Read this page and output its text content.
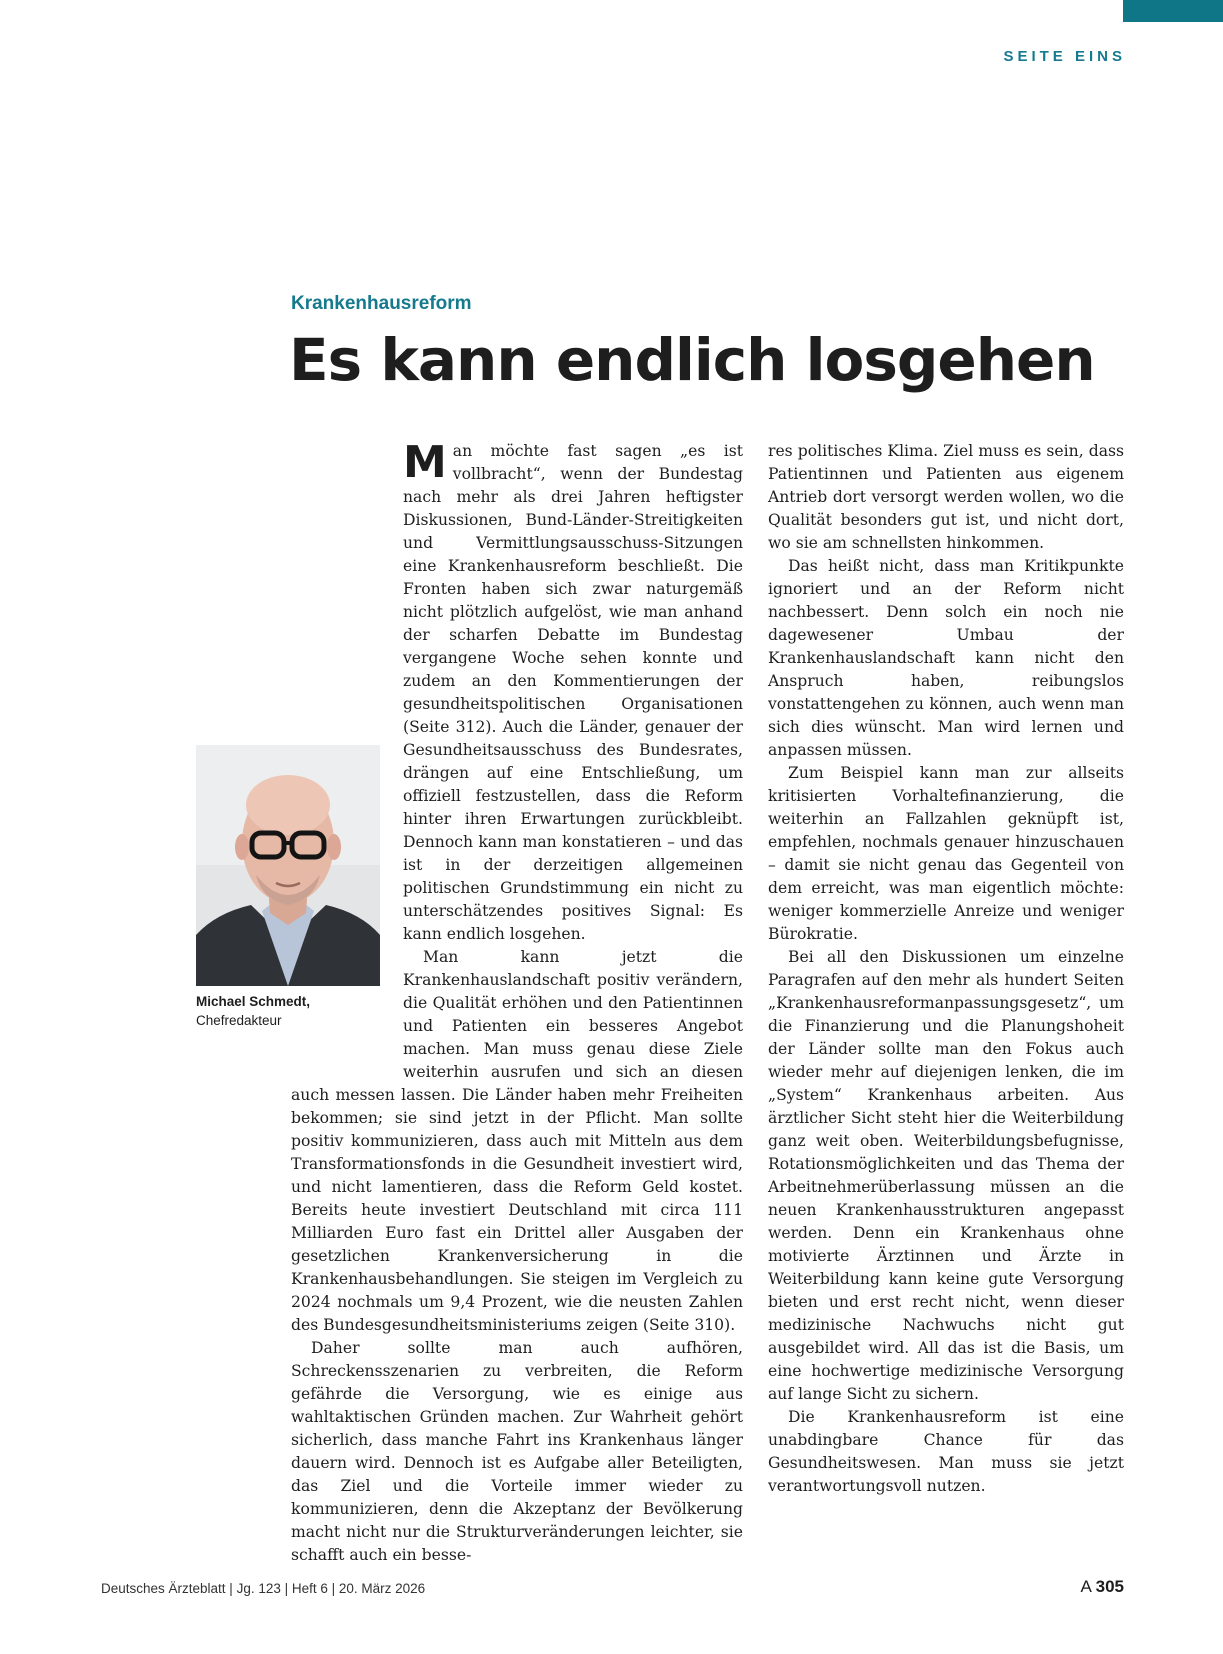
SEITE EINS
Krankenhausreform
Es kann endlich losgehen
Michael Schmedt,
Chefredakteur

Man möchte fast sagen „es ist vollbracht“, wenn der Bundestag nach mehr als drei Jahren heftigster Diskussionen, Bund-Länder-Streitigkeiten und Vermittlungsausschuss-Sitzungen eine Krankenhausreform beschließt. Die Fronten haben sich zwar naturgemäß nicht plötzlich aufgelöst, wie man anhand der scharfen Debatte im Bundestag vergangene Woche sehen konnte und zudem an den Kommentierungen der gesundheitspolitischen Organisationen (Seite 312). Auch die Länder, genauer der Gesundheitsausschuss des Bundesrates, drängen auf eine Entschließung, um offiziell festzustellen, dass die Reform hinter ihren Erwartungen zurückbleibt. Dennoch kann man konstatieren – und das ist in der derzeitigen allgemeinen politischen Grundstimmung ein nicht zu unterschätzendes positives Signal: Es kann endlich losgehen.

Man kann jetzt die Krankenhauslandschaft positiv verändern, die Qualität erhöhen und den Patientinnen und Patienten ein besseres Angebot machen. Man muss genau diese Ziele weiterhin ausrufen und sich an diesen auch messen lassen. Die Länder haben mehr Freiheiten bekommen; sie sind jetzt in der Pflicht. Man sollte positiv kommunizieren, dass auch mit Mitteln aus dem Transformationsfonds in die Gesundheit investiert wird, und nicht lamentieren, dass die Reform Geld kostet. Bereits heute investiert Deutschland mit circa 111 Milliarden Euro fast ein Drittel aller Ausgaben der gesetzlichen Krankenversicherung in die Krankenhausbehandlungen. Sie steigen im Vergleich zu 2024 nochmals um 9,4 Prozent, wie die neusten Zahlen des Bundesgesundheitsministeriums zeigen (Seite 310).

Daher sollte man auch aufhören, Schreckensszenarien zu verbreiten, die Reform gefährde die Versorgung, wie es einige aus wahltaktischen Gründen machen. Zur Wahrheit gehört sicherlich, dass manche Fahrt ins Krankenhaus länger dauern wird. Dennoch ist es Aufgabe aller Beteiligten, das Ziel und die Vorteile immer wieder zu kommunizieren, denn die Akzeptanz der Bevölkerung macht nicht nur die Strukturveränderungen leichter, sie schafft auch ein besse-

res politisches Klima. Ziel muss es sein, dass Patientinnen und Patienten aus eigenem Antrieb dort versorgt werden wollen, wo die Qualität besonders gut ist, und nicht dort, wo sie am schnellsten hinkommen.

Das heißt nicht, dass man Kritikpunkte ignoriert und an der Reform nicht nachbessert. Denn solch ein noch nie dagewesener Umbau der Krankenhauslandschaft kann nicht den Anspruch haben, reibungslos vonstattengehen zu können, auch wenn man sich dies wünscht. Man wird lernen und anpassen müssen.

Zum Beispiel kann man zur allseits kritisierten Vorhaltefinanzierung, die weiterhin an Fallzahlen geknüpft ist, empfehlen, nochmals genauer hinzuschauen – damit sie nicht genau das Gegenteil von dem erreicht, was man eigentlich möchte: weniger kommerzielle Anreize und weniger Bürokratie.

Bei all den Diskussionen um einzelne Paragrafen auf den mehr als hundert Seiten „Krankenhausreformanpassungsgesetz“, um die Finanzierung und die Planungshoheit der Länder sollte man den Fokus auch wieder mehr auf diejenigen lenken, die im „System“ Krankenhaus arbeiten. Aus ärztlicher Sicht steht hier die Weiterbildung ganz weit oben. Weiterbildungsbefugnisse, Rotationsmöglichkeiten und das Thema der Arbeitnehmerüberlassung müssen an die neuen Krankenhausstrukturen angepasst werden. Denn ein Krankenhaus ohne motivierte Ärztinnen und Ärzte in Weiterbildung kann keine gute Versorgung bieten und erst recht nicht, wenn dieser medizinische Nachwuchs nicht gut ausgebildet wird. All das ist die Basis, um eine hochwertige medizinische Versorgung auf lange Sicht zu sichern.

Die Krankenhausreform ist eine unabdingbare Chance für das Gesundheitswesen. Man muss sie jetzt verantwortungsvoll nutzen.

Deutsches Ärzteblatt | Jg. 123 | Heft 6 | 20. März 2026	A 305
